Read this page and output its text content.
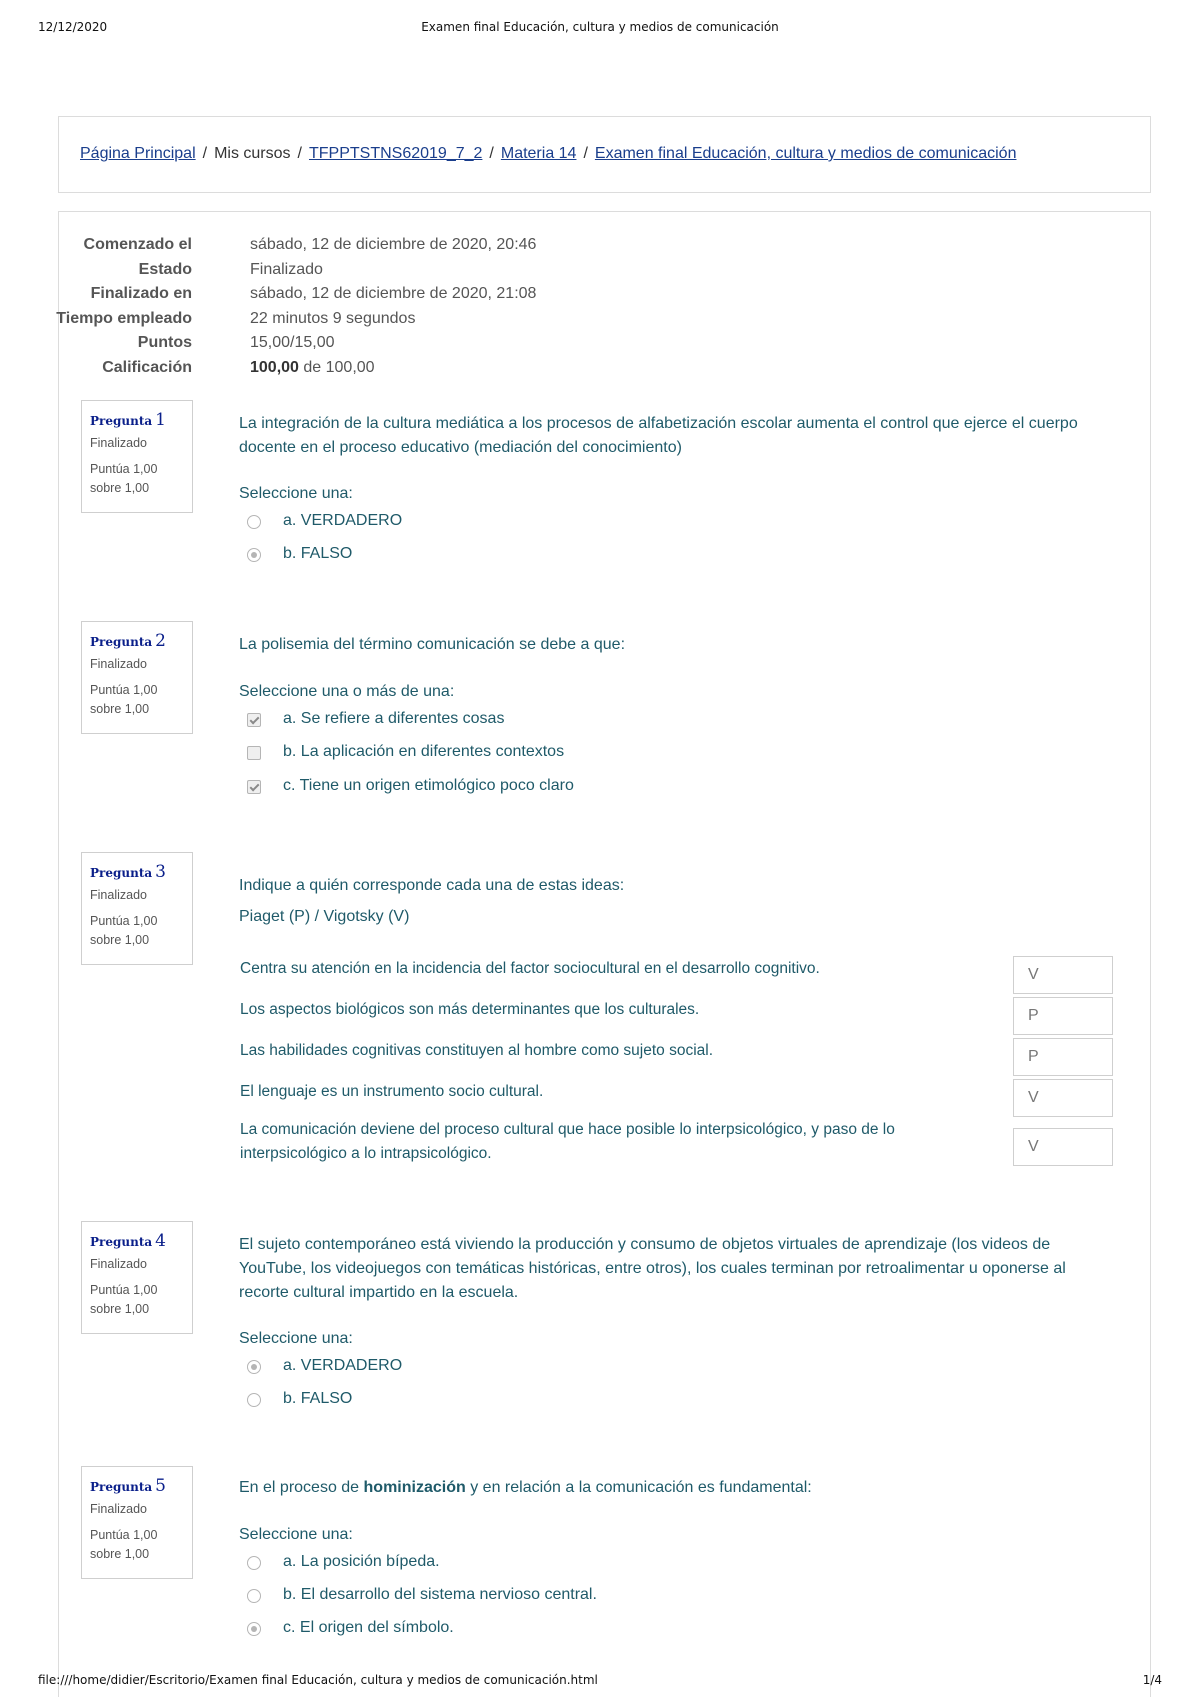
12/12/2020	Examen final Educación, cultura y medios de comunicación
Página Principal / Mis cursos / TFPPTSTNS62019_7_2 / Materia 14 / Examen final Educación, cultura y medios de comunicación
Comenzado el	sábado, 12 de diciembre de 2020, 20:46
Estado	Finalizado
Finalizado en	sábado, 12 de diciembre de 2020, 21:08
Tiempo empleado	22 minutos 9 segundos
Puntos	15,00/15,00
Calificación	100,00 de 100,00
Pregunta 1
Finalizado
Puntúa 1,00
sobre 1,00
La integración de la cultura mediática a los procesos de alfabetización escolar aumenta el control que ejerce el cuerpo docente en el proceso educativo (mediación del conocimiento)
Seleccione una:
a. VERDADERO
b. FALSO
Pregunta 2
Finalizado
Puntúa 1,00
sobre 1,00
La polisemia del término comunicación se debe a que:
Seleccione una o más de una:
a. Se refiere a diferentes cosas
b. La aplicación en diferentes contextos
c. Tiene un origen etimológico poco claro
Pregunta 3
Finalizado
Puntúa 1,00
sobre 1,00
Indique a quién corresponde cada una de estas ideas:
Piaget (P) / Vigotsky (V)
Centra su atención en la incidencia del factor sociocultural en el desarrollo cognitivo.	V
Los aspectos biológicos son más determinantes que los culturales.	P
Las habilidades cognitivas constituyen al hombre como sujeto social.	P
El lenguaje es un instrumento socio cultural.	V
La comunicación deviene del proceso cultural que hace posible lo interpsicológico, y paso de lo interpsicológico a lo intrapsicológico.	V
Pregunta 4
Finalizado
Puntúa 1,00
sobre 1,00
El sujeto contemporáneo está viviendo la producción y consumo de objetos virtuales de aprendizaje (los videos de YouTube, los videojuegos con temáticas históricas, entre otros), los cuales terminan por retroalimentar u oponerse al recorte cultural impartido en la escuela.
Seleccione una:
a. VERDADERO
b. FALSO
Pregunta 5
Finalizado
Puntúa 1,00
sobre 1,00
En el proceso de hominización y en relación a la comunicación es fundamental:
Seleccione una:
a. La posición bípeda.
b. El desarrollo del sistema nervioso central.
c. El origen del símbolo.
file:///home/didier/Escritorio/Examen final Educación, cultura y medios de comunicación.html	1/4
